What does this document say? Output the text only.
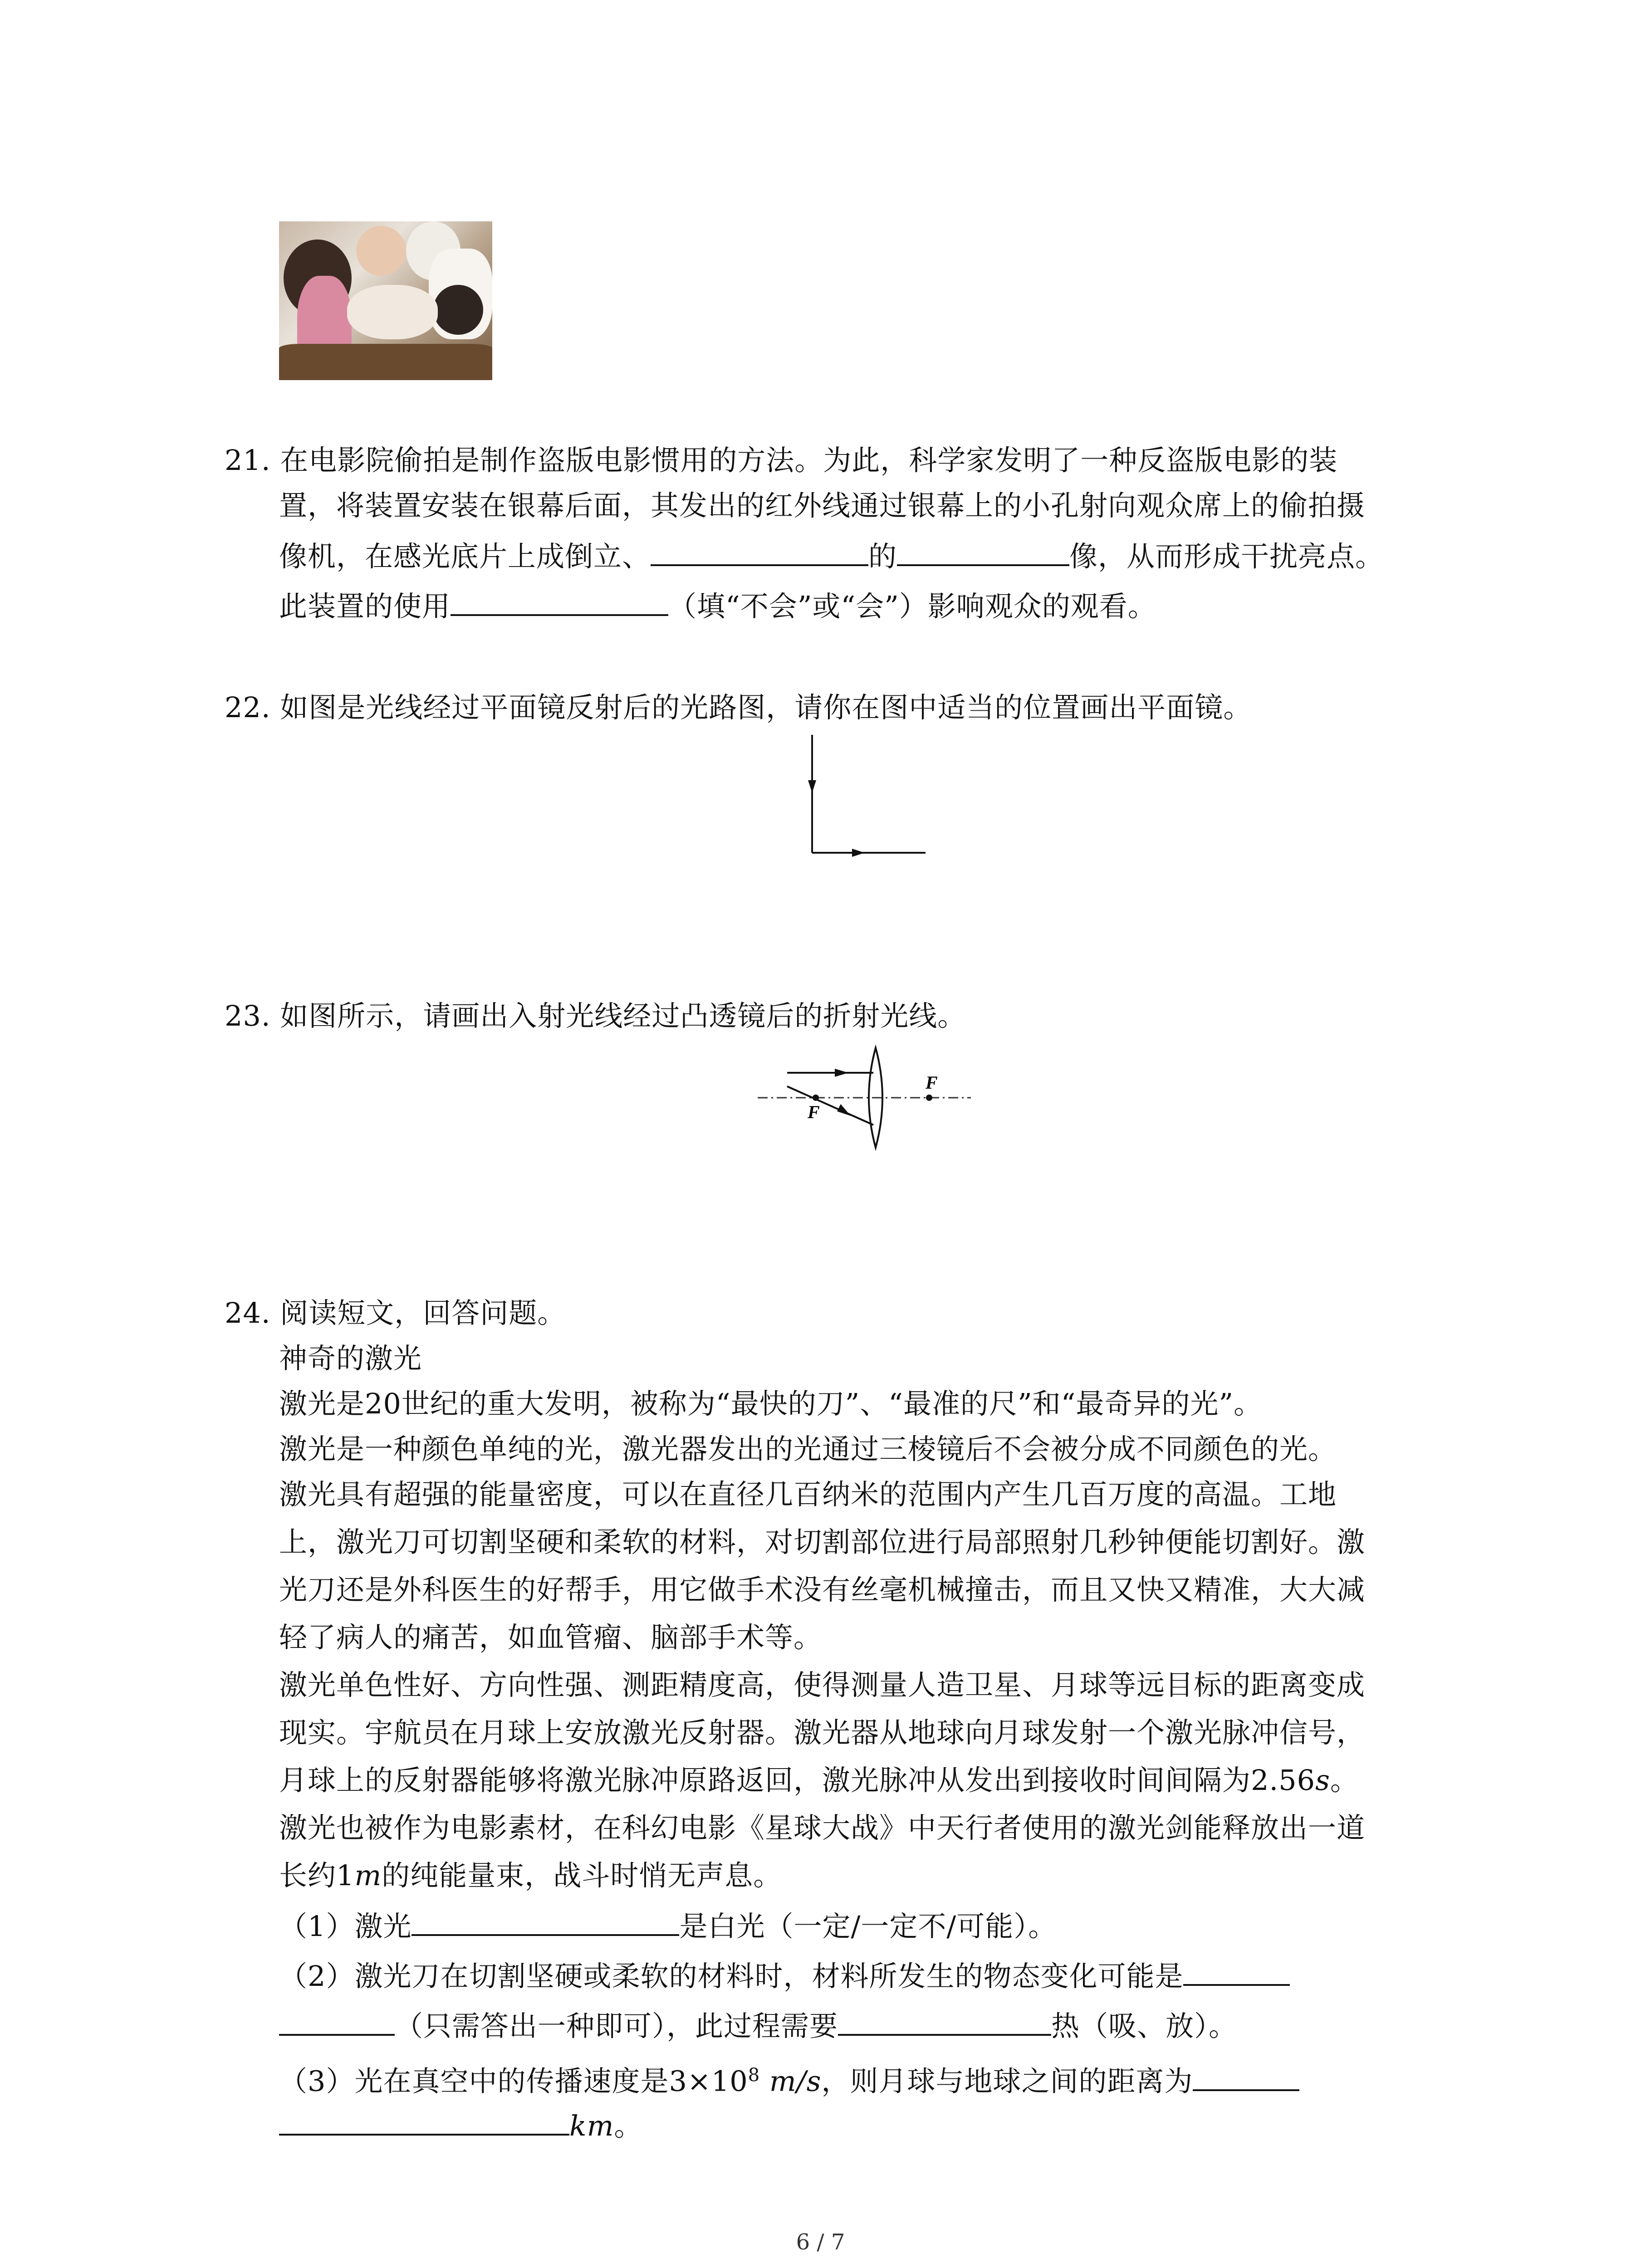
21. 在电影院偷拍是制作盗版电影惯用的方法。为此，科学家发明了一种反盗版电影的装
置，将装置安装在银幕后面，其发出的红外线通过银幕上的小孔射向观众席上的偷拍摄
像机，在感光底片上成倒立、	的	像，从而形成干扰亮点。
此装置的使用	（填“不会”或“会”）影响观众的观看。
22. 如图是光线经过平面镜反射后的光路图，请你在图中适当的位置画出平面镜。
23. 如图所示，请画出入射光线经过凸透镜后的折射光线。
F
F
24. 阅读短文，回答问题。
神奇的激光
激光是20世纪的重大发明，被称为“最快的刀”、“最准的尺”和“最奇异的光”。
激光是一种颜色单纯的光，激光器发出的光通过三棱镜后不会被分成不同颜色的光。
激光具有超强的能量密度，可以在直径几百纳米的范围内产生几百万度的高温。工地
上，激光刀可切割坚硬和柔软的材料，对切割部位进行局部照射几秒钟便能切割好。激
光刀还是外科医生的好帮手，用它做手术没有丝毫机械撞击，而且又快又精准，大大减
轻了病人的痛苦，如血管瘤、脑部手术等。
激光单色性好、方向性强、测距精度高，使得测量人造卫星、月球等远目标的距离变成
现实。宇航员在月球上安放激光反射器。激光器从地球向月球发射一个激光脉冲信号，
月球上的反射器能够将激光脉冲原路返回，激光脉冲从发出到接收时间间隔为2.56s。
激光也被作为电影素材，在科幻电影《星球大战》中天行者使用的激光剑能释放出一道
长约1m的纯能量束，战斗时悄无声息。
（1）激光	是白光（一定/一定不/可能）。
（2）激光刀在切割坚硬或柔软的材料时，材料所发生的物态变化可能是
（只需答出一种即可），此过程需要	热（吸、放）。
（3）光在真空中的传播速度是$3\times 10^8$ m/s，则月球与地球之间的距离为
km。
6 / 7
